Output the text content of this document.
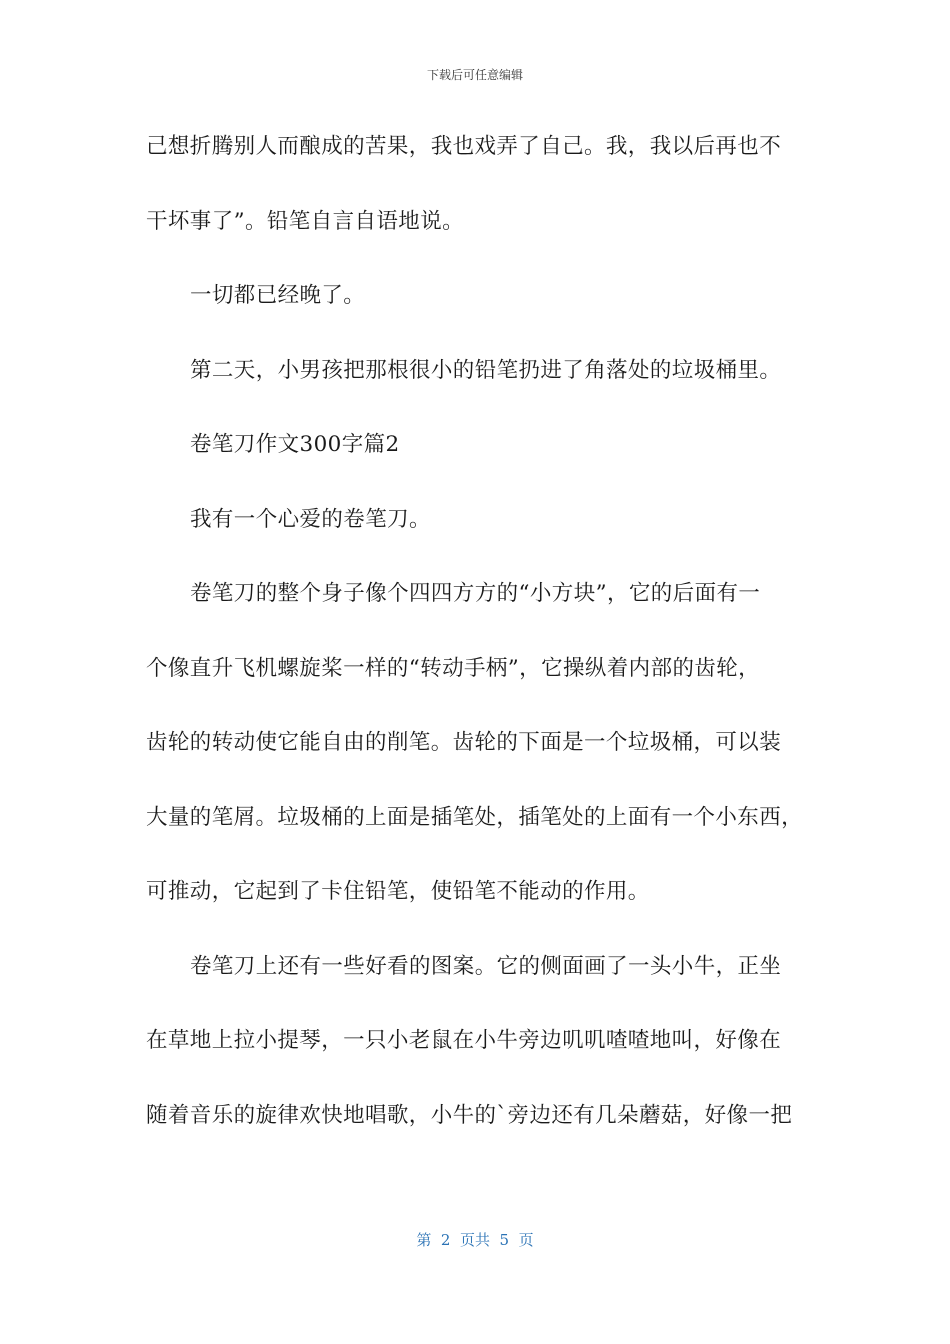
下载后可任意编辑
己想折腾别人而酿成的苦果，我也戏弄了自己。我，我以后再也不
干坏事了”。铅笔自言自语地说。
一切都已经晚了。
第二天，小男孩把那根很小的铅笔扔进了角落处的垃圾桶里。
卷笔刀作文300字篇2
我有一个心爱的卷笔刀。
卷笔刀的整个身子像个四四方方的“小方块”，它的后面有一
个像直升飞机螺旋桨一样的“转动手柄”，它操纵着内部的齿轮，
齿轮的转动使它能自由的削笔。齿轮的下面是一个垃圾桶，可以装
大量的笔屑。垃圾桶的上面是插笔处，插笔处的上面有一个小东西，
可推动，它起到了卡住铅笔，使铅笔不能动的作用。
卷笔刀上还有一些好看的图案。它的侧面画了一头小牛，正坐
在草地上拉小提琴，一只小老鼠在小牛旁边叽叽喳喳地叫，好像在
随着音乐的旋律欢快地唱歌，小牛的`旁边还有几朵蘑菇，好像一把
第  2  页共  5  页
